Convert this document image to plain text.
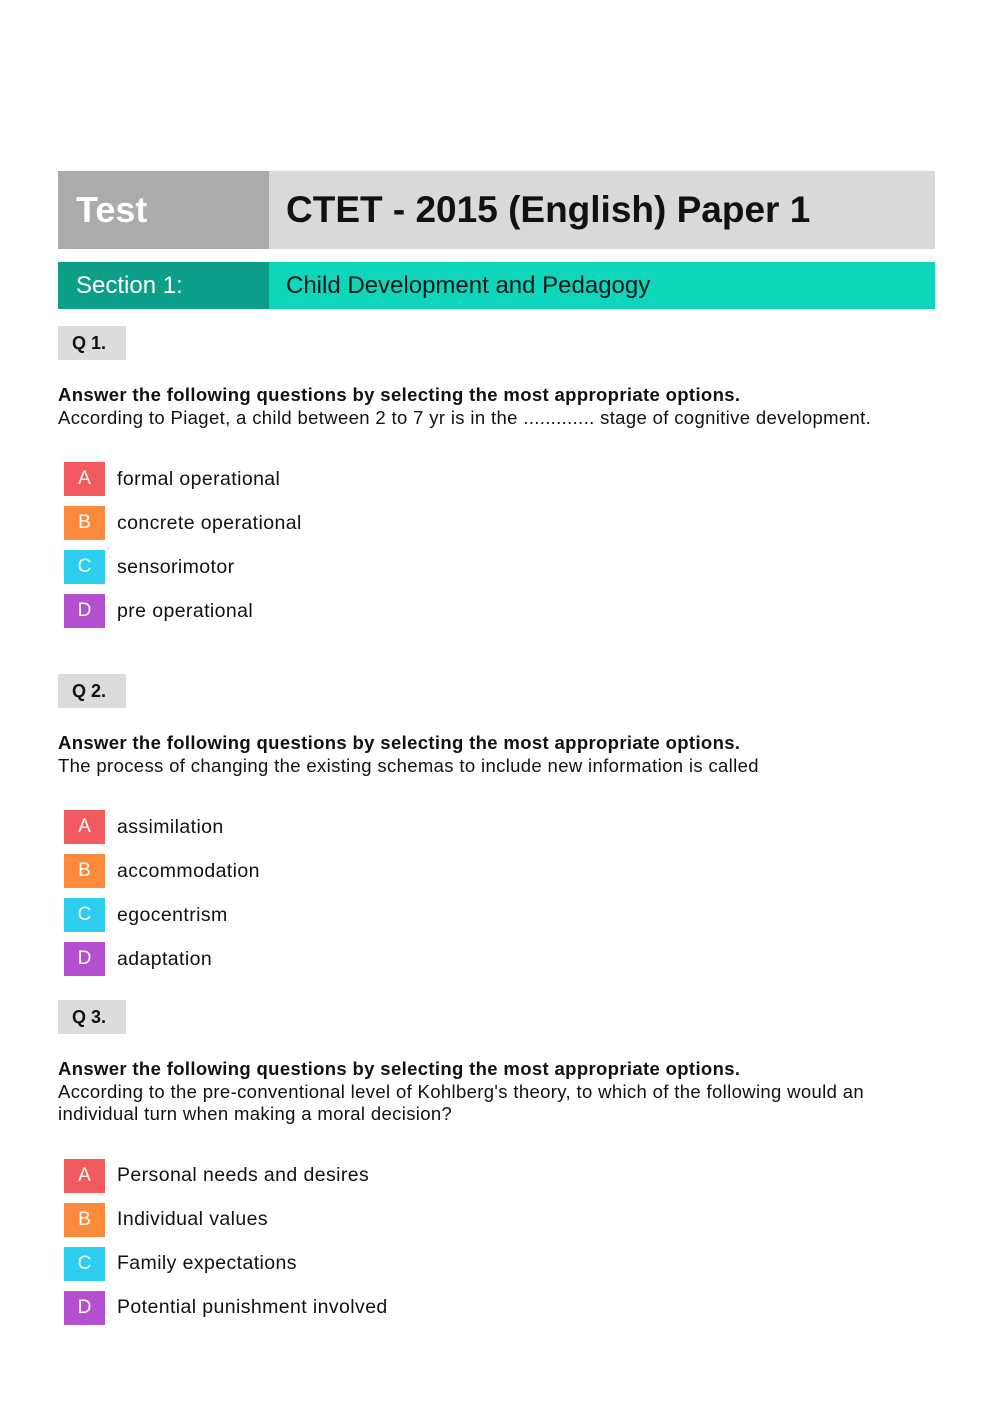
Test	CTET - 2015 (English) Paper 1
Section 1:	Child Development and Pedagogy
Q 1.
Answer the following questions by selecting the most appropriate options.
According to Piaget, a child between 2 to 7 yr is in the ............. stage of cognitive development.
A	formal operational
B	concrete operational
C	sensorimotor
D	pre operational
Q 2.
Answer the following questions by selecting the most appropriate options.
The process of changing the existing schemas to include new information is called
A	assimilation
B	accommodation
C	egocentrism
D	adaptation
Q 3.
Answer the following questions by selecting the most appropriate options.
According to the pre-conventional level of Kohlberg's theory, to which of the following would an individual turn when making a moral decision?
A	Personal needs and desires
B	Individual values
C	Family expectations
D	Potential punishment involved
